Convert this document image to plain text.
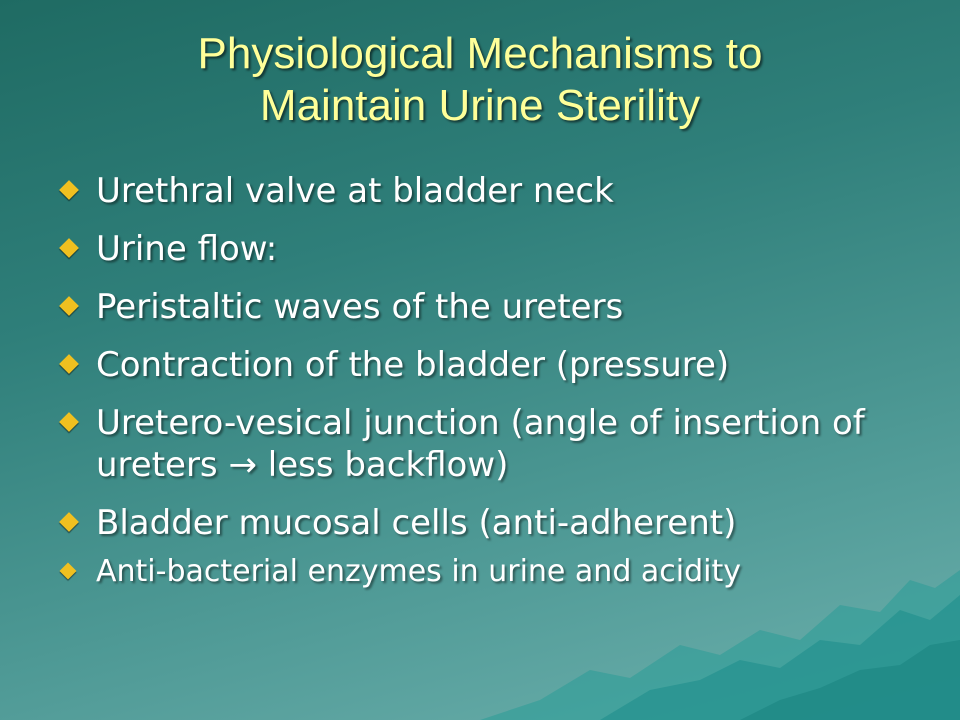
Physiological Mechanisms to
Maintain Urine Sterility
Urethral valve at bladder neck
Urine flow:
Peristaltic waves of the ureters
Contraction of the bladder (pressure)
Uretero-vesical junction (angle of insertion of ureters → less backflow)
Bladder mucosal cells (anti-adherent)
Anti-bacterial enzymes in urine and acidity
